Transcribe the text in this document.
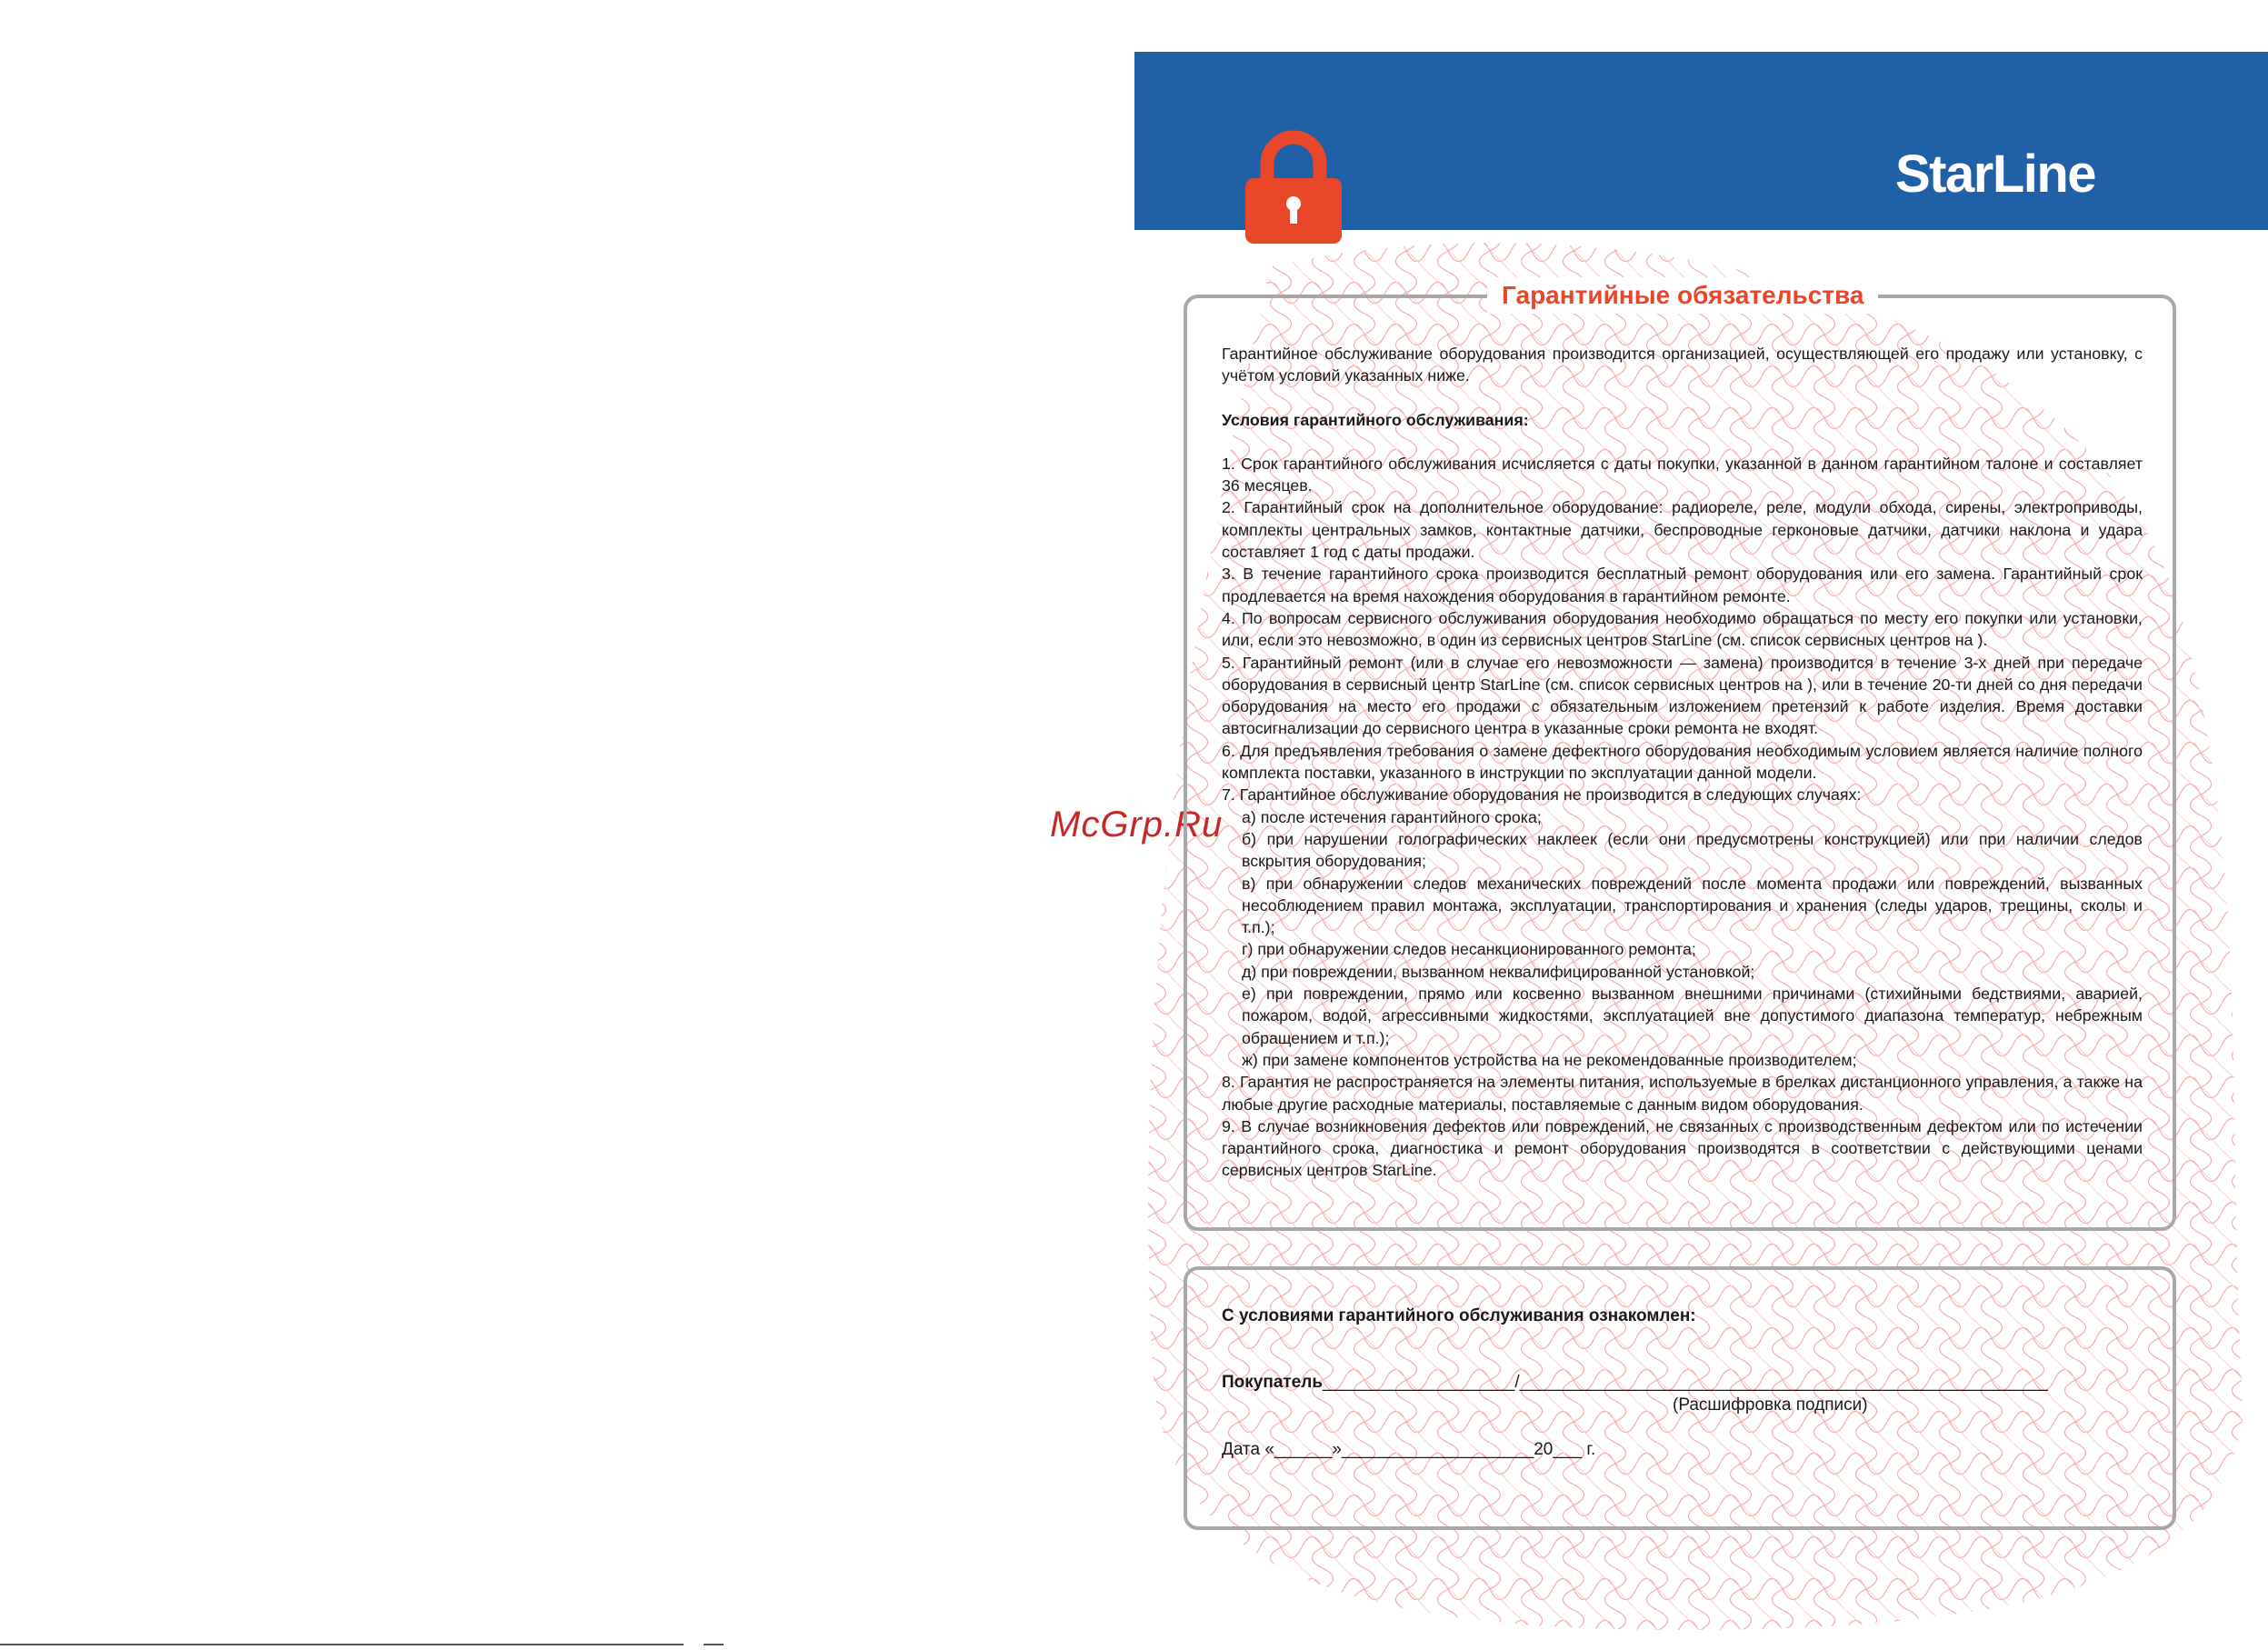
StarLine
McGrp.Ru
Гарантийные обязательства

Гарантийное обслуживание оборудования производится организацией, осуществляющей его продажу или установку, с учётом условий указанных ниже.

Условия гарантийного обслуживания:

1. Срок гарантийного обслуживания исчисляется с даты покупки, указанной в данном гарантийном талоне и составляет 36 месяцев.

2. Гарантийный срок на дополнительное оборудование: радиореле, реле, модули обхода, сирены, электроприводы, комплекты центральных замков, контактные датчики, беспроводные герконовые датчики, датчики наклона и удара составляет 1 год с даты продажи.

3. В течение гарантийного срока производится бесплатный ремонт оборудования или его замена. Гарантийный срок продлевается на время нахождения оборудования в гарантийном ремонте.

4. По вопросам сервисного обслуживания оборудования необходимо обращаться по месту его покупки или установки, или, если это невозможно, в один из сервисных центров StarLine (см. список сервисных центров на ).

5. Гарантийный ремонт (или в случае его невозможности — замена) производится в течение 3-х дней при передаче оборудования в сервисный центр StarLine (см. список сервисных центров на ), или в течение 20-ти дней со дня передачи оборудования на место его продажи с обязательным изложением претензий к работе изделия. Время доставки автосигнализации до сервисного центра в указанные сроки ремонта не входят.

6. Для предъявления требования о замене дефектного оборудования необходимым условием является наличие полного комплекта поставки, указанного в инструкции по эксплуатации данной модели.

7. Гарантийное обслуживание оборудования не производится в следующих случаях:

а) после истечения гарантийного срока;

б) при нарушении голографических наклеек (если они предусмотрены конструкцией) или при наличии следов вскрытия оборудования;

в) при обнаружении следов механических повреждений после момента продажи или повреждений, вызванных несоблюдением правил монтажа, эксплуатации, транспортирования и хранения (следы ударов, трещины, сколы и т.п.);

г) при обнаружении следов несанкционированного ремонта;

д) при повреждении, вызванном неквалифицированной установкой;

е) при повреждении, прямо или косвенно вызванном внешними причинами (стихийными бедствиями, аварией, пожаром, водой, агрессивными жидкостями, эксплуатацией вне допустимого диапазона температур, небрежным обращением и т.п.);

ж) при замене компонентов устройства на не рекомендованные производителем;

8. Гарантия не распространяется на элементы питания, используемые в брелках дистанционного управления, а также на любые другие расходные материалы, поставляемые с данным видом оборудования.

9. В случае возникновения дефектов или повреждений, не связанных с производственным дефектом или по истечении гарантийного срока, диагностика и ремонт оборудования производятся в соответствии с действующими ценами сервисных центров StarLine.

С условиями гарантийного обслуживания ознакомлен:
Покупатель____________________/_______________________________________________________
(Расшифровка подписи)
Дата «______»____________________20___ г.
